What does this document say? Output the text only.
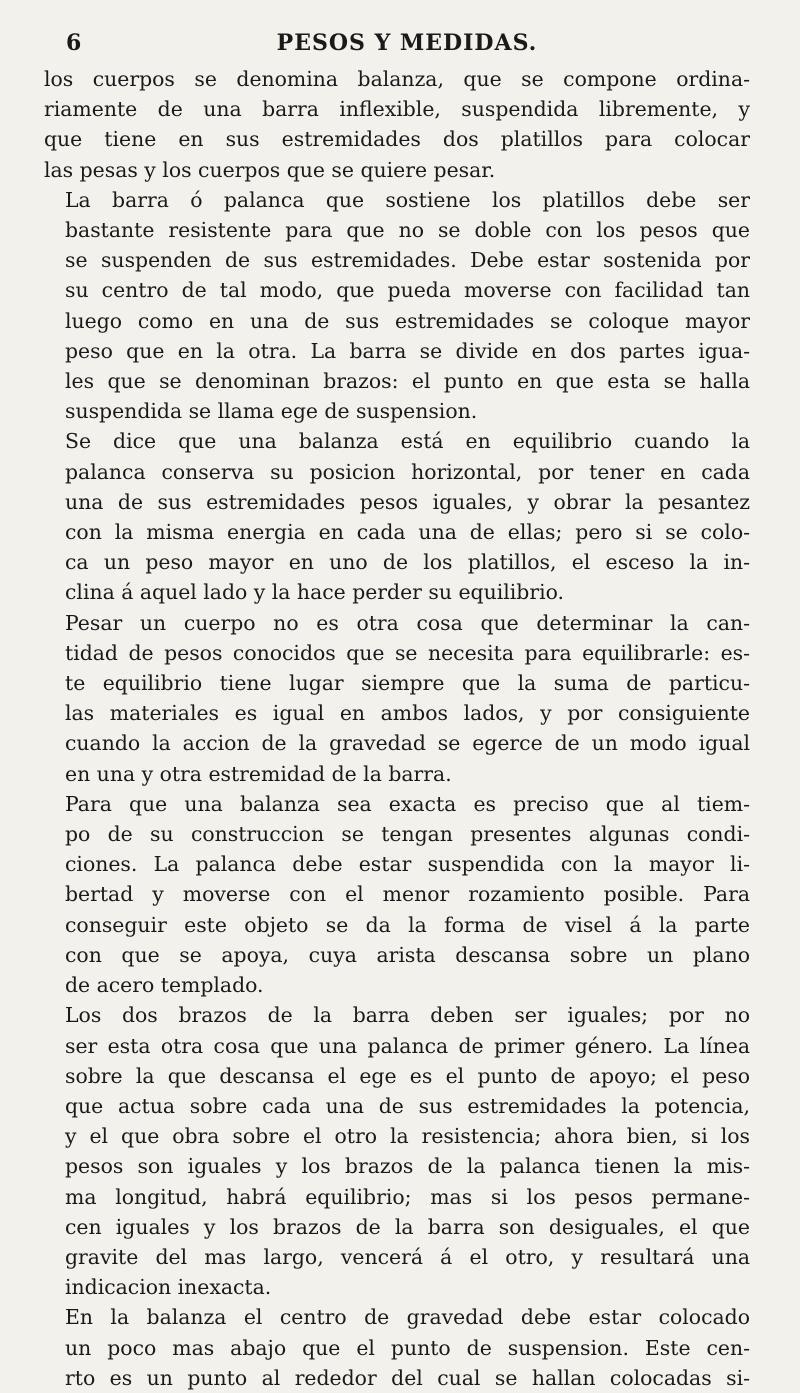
6	PESOS Y MEDIDAS.

los cuerpos se denomina balanza, que se compone ordina-
riamente de una barra inflexible, suspendida libremente, y
que tiene en sus estremidades dos platillos para colocar
las pesas y los cuerpos que se quiere pesar.

La barra ó palanca que sostiene los platillos debe ser
bastante resistente para que no se doble con los pesos que
se suspenden de sus estremidades. Debe estar sostenida por
su centro de tal modo, que pueda moverse con facilidad tan
luego como en una de sus estremidades se coloque mayor
peso que en la otra. La barra se divide en dos partes igua-
les que se denominan brazos: el punto en que esta se halla
suspendida se llama ege de suspension.

Se dice que una balanza está en equilibrio cuando la
palanca conserva su posicion horizontal, por tener en cada
una de sus estremidades pesos iguales, y obrar la pesantez
con la misma energia en cada una de ellas; pero si se colo-
ca un peso mayor en uno de los platillos, el esceso la in-
clina á aquel lado y la hace perder su equilibrio.

Pesar un cuerpo no es otra cosa que determinar la can-
tidad de pesos conocidos que se necesita para equilibrarle: es-
te equilibrio tiene lugar siempre que la suma de particu-
las materiales es igual en ambos lados, y por consiguiente
cuando la accion de la gravedad se egerce de un modo igual
en una y otra estremidad de la barra.

Para que una balanza sea exacta es preciso que al tiem-
po de su construccion se tengan presentes algunas condi-
ciones. La palanca debe estar suspendida con la mayor li-
bertad y moverse con el menor rozamiento posible. Para
conseguir este objeto se da la forma de visel á la parte
con que se apoya, cuya arista descansa sobre un plano
de acero templado.

Los dos brazos de la barra deben ser iguales; por no
ser esta otra cosa que una palanca de primer género. La línea
sobre la que descansa el ege es el punto de apoyo; el peso
que actua sobre cada una de sus estremidades la potencia,
y el que obra sobre el otro la resistencia; ahora bien, si los
pesos son iguales y los brazos de la palanca tienen la mis-
ma longitud, habrá equilibrio; mas si los pesos permane-
cen iguales y los brazos de la barra son desiguales, el que
gravite del mas largo, vencerá á el otro, y resultará una
indicacion inexacta.

En la balanza el centro de gravedad debe estar colocado
un poco mas abajo que el punto de suspension. Este cen-
rto es un punto al rededor del cual se hallan colocadas si-
